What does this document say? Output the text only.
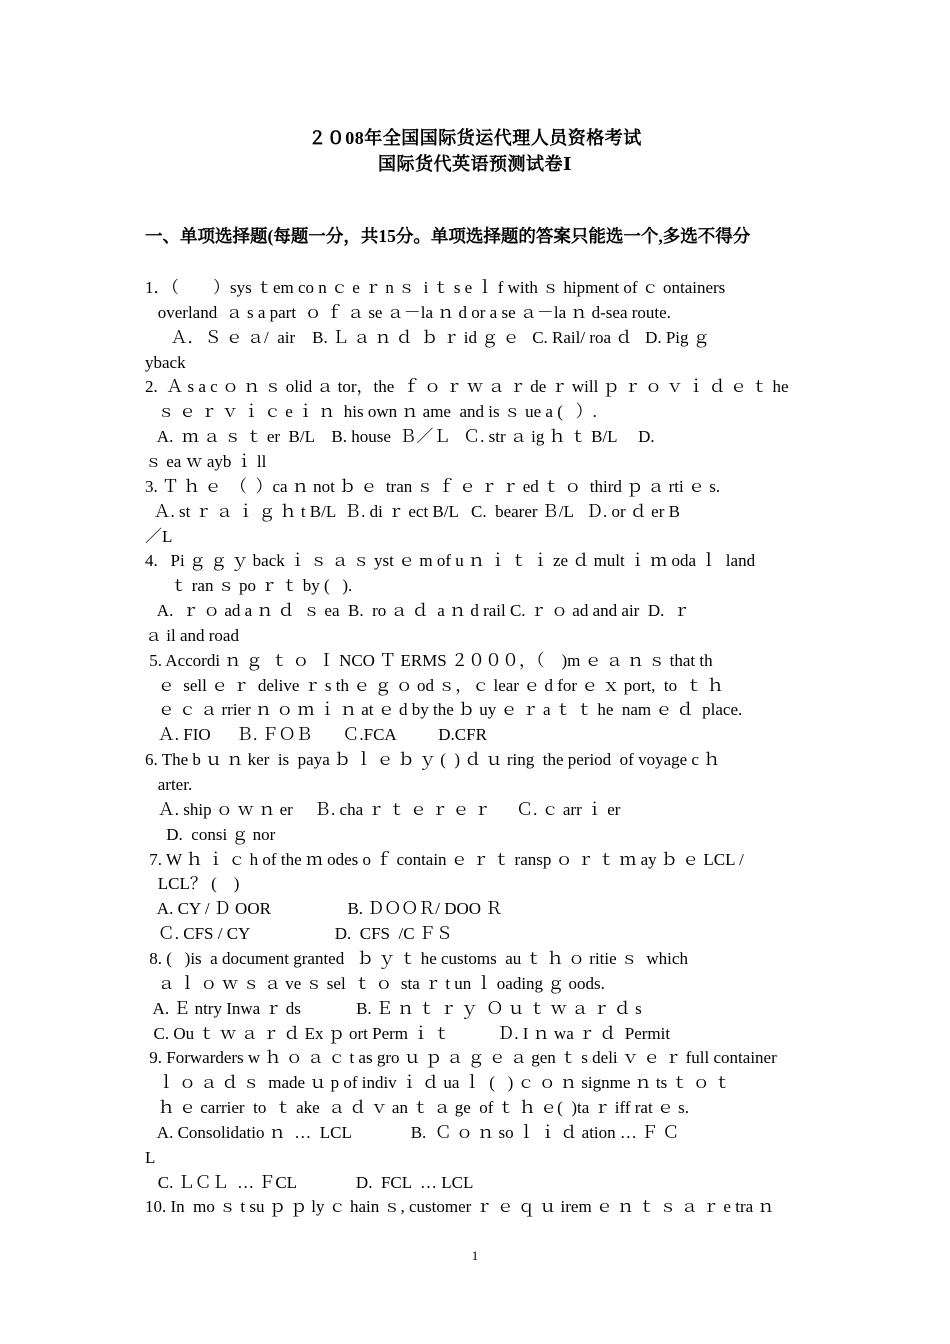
２０08年全国国际货运代理人员资格考试
国际货代英语预测试卷Ⅰ
一、单项选择题(每题一分，共15分。单项选择题的答案只能选一个,多选不得分
1．（　　）sys ｔem co n ｃ e ｒ n ｓ  i ｔ s e ｌ f with ｓ hipment of ｃ ontainers
overland  ａ s a part  ｏ ｆ ａ se ａ－la ｎ d or a se ａ－la ｎ d-sea route.
Ａ．Ｓ ｅ ａ/  air    B. Ｌ ａ ｎ ｄ  ｂ ｒ id ｇ ｅ   C. Rail/ roa ｄ   D. Pig ｇ
yback
2.  Ａ s a c ｏ ｎ ｓ olid ａ tor，the  ｆ ｏ ｒ ｗ ａ ｒ de ｒ will ｐ ｒ ｏ ｖ ｉ ｄ ｅ ｔ he
ｓ ｅ ｒ ｖ ｉ ｃ e ｉ ｎ  his own ｎ ame  and is ｓ ue a (   ）.
A.  ｍ ａ ｓ ｔ er  B/L    B. house  Ｂ／Ｌ   Ｃ. str ａ ig ｈ ｔ B/L     D.
ｓ ea ｗ ayb ｉ ll
3. Ｔ ｈ ｅ  （  ）ca ｎ not ｂ ｅ  tran ｓ ｆ ｅ ｒ ｒ ed ｔ ｏ  third ｐ ａ rti ｅ s.
Ａ. st ｒ ａ ｉ ｇ ｈ t B/L  Ｂ. di ｒ ect B/L   C.  bearer Ｂ/L   Ｄ. or ｄ er B
／L
4.   Pi ｇ ｇ ｙ back ｉ ｓ ａ ｓ yst ｅ m of u ｎ ｉ ｔ ｉ ze ｄ mult ｉ ｍ oda ｌ  land
ｔ ran ｓ po ｒ ｔ by (   ).
A.  ｒ ｏ ad a ｎ ｄ  ｓ ea  B.  ro ａ ｄ  a ｎ d rail C. ｒ ｏ ad and air  D.  ｒ
ａ il and road
5. Accordi ｎ ｇ  ｔ ｏ  Ｉ NCO Ｔ ERMS ２０００，（    )m ｅ ａ ｎ ｓ that th
ｅ  sell ｅ ｒ  delive ｒ s th ｅ ｇ ｏ od ｓ，ｃ lear ｅ d for ｅ ｘ port,  to  ｔ ｈ
ｅ ｃ ａ rrier ｎ ｏ ｍ ｉ ｎ at ｅ d by the ｂ uy ｅ ｒ a ｔ ｔ he  nam ｅ ｄ  place.
Ａ. FIO      Ｂ. ＦＯＢ       Ｃ.FCA          D.CFR
6. The b ｕ ｎ ker  is  paya ｂ ｌ ｅ ｂ ｙ (  ) ｄ ｕ ring  the period  of voyage c ｈ
arter.
Ａ. ship ｏ ｗ ｎ er     Ｂ. cha ｒ ｔ ｅ ｒ ｅ ｒ      Ｃ. ｃ arr ｉ er
D.  consi ｇ nor
7. W ｈ ｉ ｃ h of the ｍ odes o ｆ contain ｅ ｒ ｔ ransp ｏ ｒ ｔ ｍ ay ｂ ｅ LCL /
LCL？ (    )
A. CY / Ｄ OOR                  B. ＤＯＯＲ/ DOO Ｒ
Ｃ. CFS / CY                    D.  CFS  /C ＦＳ
8. (   )is  a document granted   ｂ ｙ ｔ he customs  au ｔ ｈ ｏ ritie ｓ  which
ａ ｌ ｏ ｗ ｓ ａ ve ｓ sel  ｔ ｏ  sta ｒ t un ｌ oading ｇ oods.
A. Ｅ ntry Inwa ｒ ds             B. Ｅ ｎ ｔ ｒ ｙ  Ｏ ｕ ｔ ｗ ａ ｒ ｄ s
C. Ou ｔ ｗ ａ ｒ ｄ Ex ｐ ort Perm ｉ ｔ           Ｄ. I ｎ wa ｒ ｄ  Permit
9. Forwarders w ｈ ｏ ａ ｃ t as gro ｕ ｐ ａ ｇ ｅ ａ gen ｔ s deli ｖ ｅ ｒ full container
ｌ ｏ ａ ｄ ｓ  made ｕ p of indiv ｉ ｄ ua ｌ  (   ) ｃ ｏ ｎ signme ｎ ts ｔ ｏ ｔ
ｈ ｅ carrier  to  ｔ ake  ａ ｄ ｖ an ｔ ａ ge  of ｔ ｈ ｅ(  )ta ｒ iff rat ｅ s.
A. Consolidatio ｎ  …  LCL              B.  Ｃ ｏ ｎ so ｌ ｉ ｄ ation … Ｆ Ｃ
L
C. ＬＣＬ  … ＦCL              D.  FCL  … LCL
10. In  mo ｓ t su ｐ ｐ ly ｃ hain ｓ, customer ｒ ｅ ｑ ｕ irem ｅ ｎ ｔ ｓ ａ ｒ e tra ｎ
1
